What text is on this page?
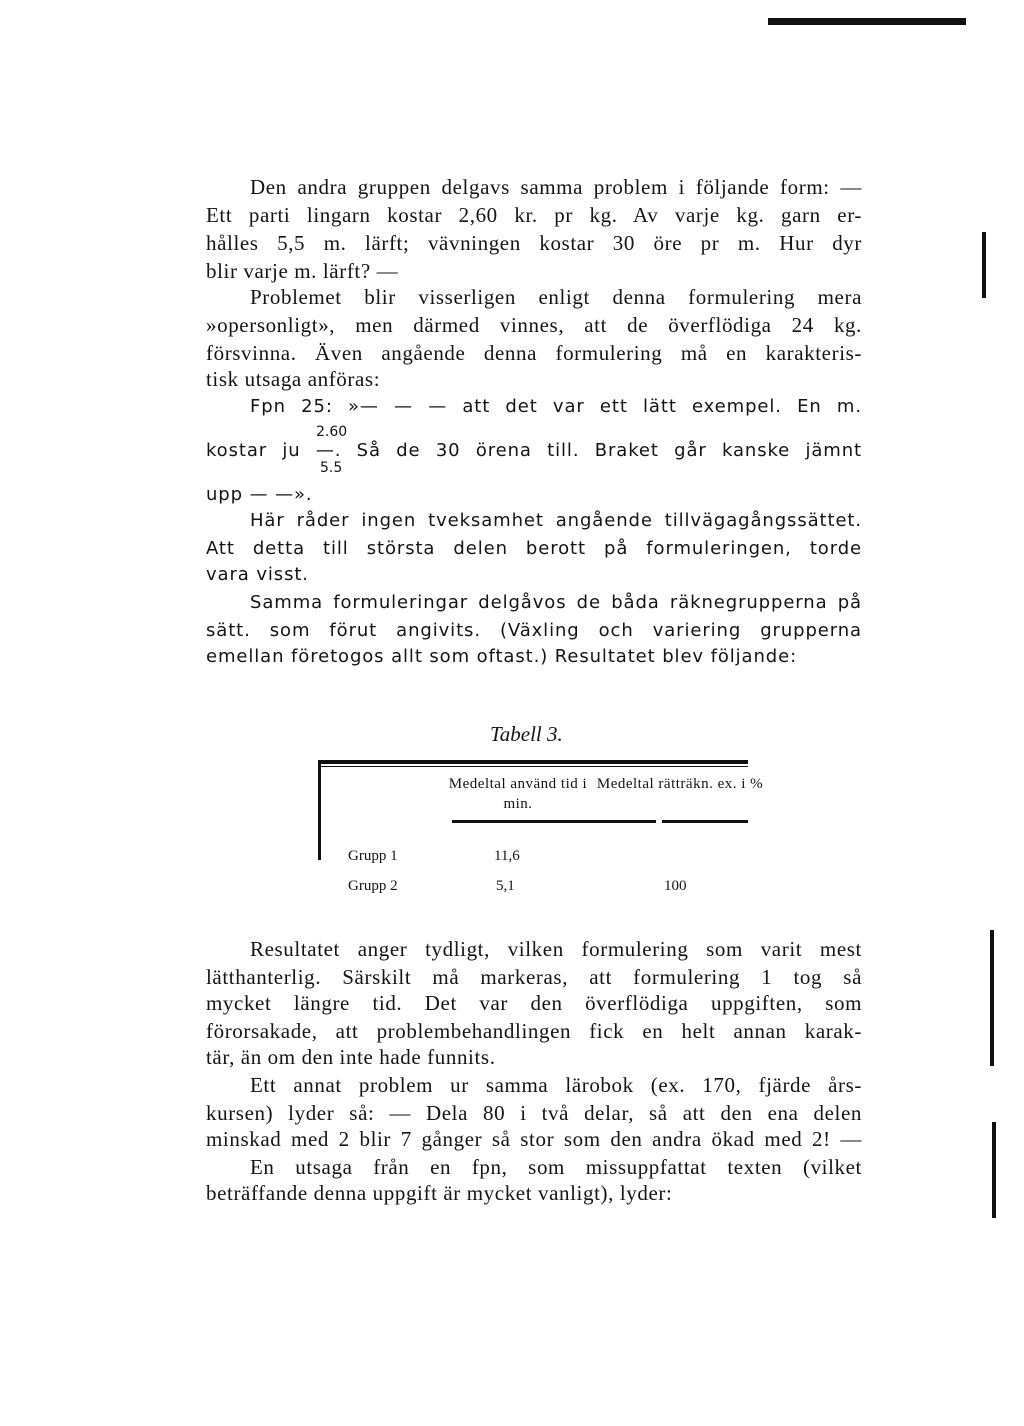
Den andra gruppen delgavs samma problem i följande form: —
Ett parti lingarn kostar 2,60 kr. pr kg. Av varje kg. garn er-
hålles 5,5 m. lärft; vävningen kostar 30 öre pr m. Hur dyr
blir varje m. lärft? —
Problemet blir visserligen enligt denna formulering mera
»opersonligt», men därmed vinnes, att de överflödiga 24 kg.
försvinna. Även angående denna formulering må en karakteris-
tisk utsaga anföras:
Fpn 25: »— — — att det var ett lätt exempel. En m.
2.60
kostar ju —. Så de 30 örena till. Braket går kanske jämnt
5.5
upp — —».
Här råder ingen tveksamhet angående tillvägagångssättet.
Att detta till största delen berott på formuleringen, torde
vara visst.
Samma formuleringar delgåvos de båda räknegrupperna på
sätt. som förut angivits. (Växling och variering grupperna
emellan företogos allt som oftast.) Resultatet blev följande:
Tabell 3.
Medeltal använd tid i min.
Medeltal rätträkn. ex. i %
Grupp 1	11,6
Grupp 2	5,1	100
Resultatet anger tydligt, vilken formulering som varit mest
lätthanterlig. Särskilt må markeras, att formulering 1 tog så
mycket längre tid. Det var den överflödiga uppgiften, som
förorsakade, att problembehandlingen fick en helt annan karak-
tär, än om den inte hade funnits.
Ett annat problem ur samma lärobok (ex. 170, fjärde års-
kursen) lyder så: — Dela 80 i två delar, så att den ena delen
minskad med 2 blir 7 gånger så stor som den andra ökad med 2! —
En utsaga från en fpn, som missuppfattat texten (vilket
beträffande denna uppgift är mycket vanligt), lyder:
